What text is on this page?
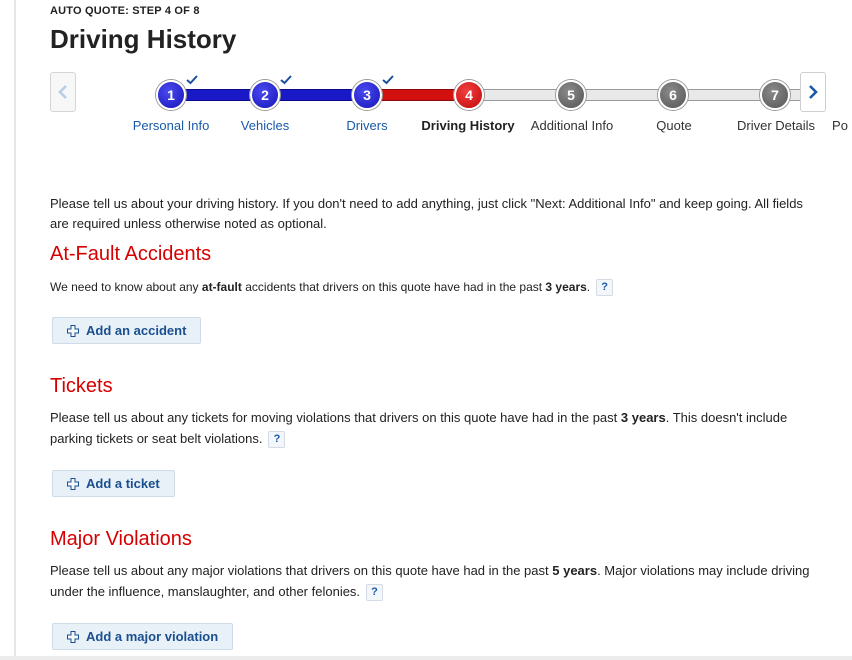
AUTO QUOTE: STEP 4 OF 8
Driving History
1
Personal Info
2
Vehicles
3
Drivers
4
Driving History
5
Additional Info
6
Quote
7
Driver Details Po

Please tell us about your driving history. If you don't need to add anything, just click "Next: Additional Info" and keep going. All fields are required unless otherwise noted as optional.

At-Fault Accidents

We need to know about any at-fault accidents that drivers on this quote have had in the past 3 years. ?

Add an accident
Tickets

Please tell us about any tickets for moving violations that drivers on this quote have had in the past 3 years. This doesn't include parking tickets or seat belt violations. ?

Add a ticket
Major Violations

Please tell us about any major violations that drivers on this quote have had in the past 5 years. Major violations may include driving under the influence, manslaughter, and other felonies. ?

Add a major violation
